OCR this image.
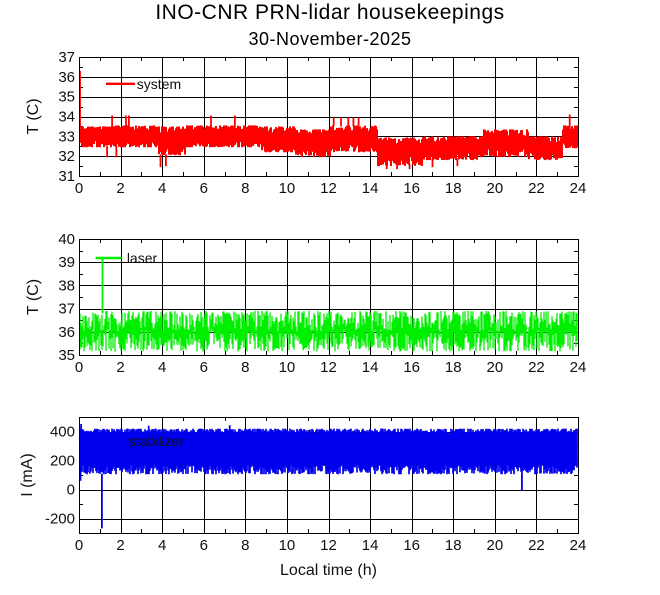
INO-CNR PRN-lidar housekeepings
30-November-2025
system
37
36
35
34
33
32
31
0 2 4 6 8 10 12 14 16 18 20 22 24
T (C)
laser
40
39
38
37
36
35
0 2 4 6 8 10 12 14 16 18 20 22 24
T (C)
stabilizer
400
200
0
-200
0 2 4 6 8 10 12 14 16 18 20 22 24
I (mA)
Local time (h)
